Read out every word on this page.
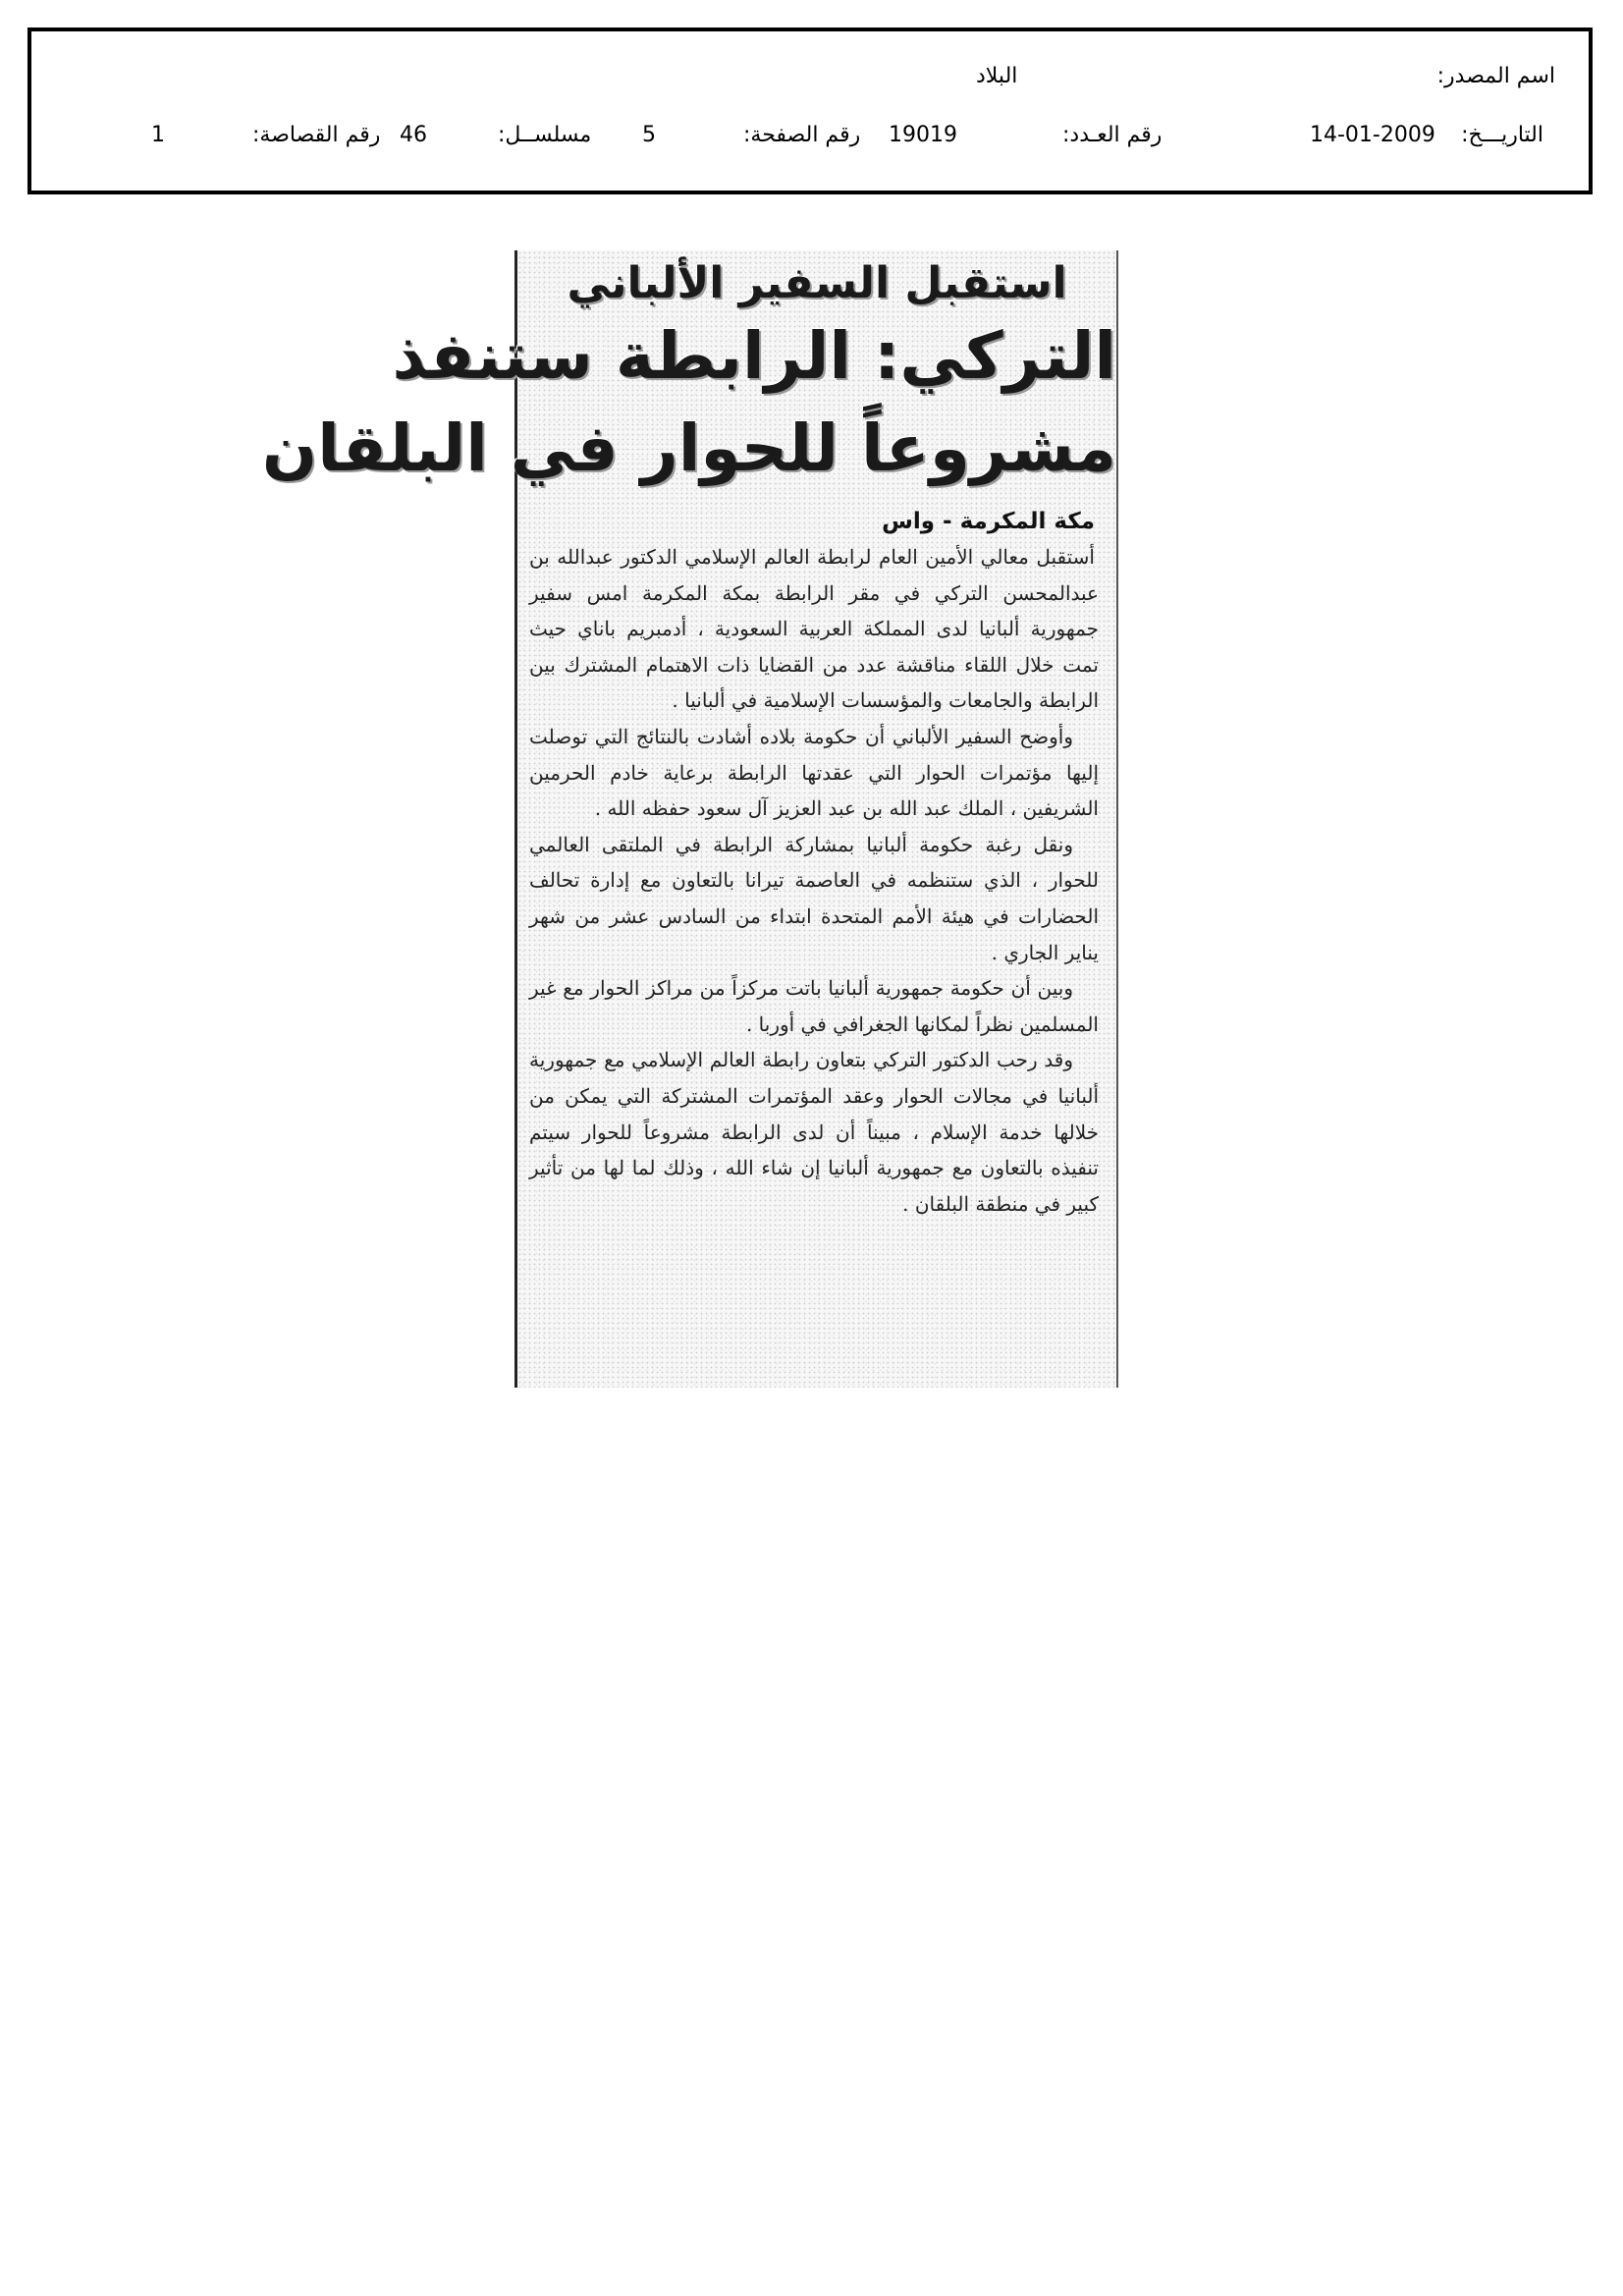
اسم المصدر:
البلاد
التاريـــخ:
14-01-2009
رقم العـدد:
19019
رقم الصفحة:
5
مسلســل:
46
رقم القصاصة:
1
استقبل السفير الألباني
التركي: الرابطة ستنفذ
مشروعاً للحوار في البلقان
مكة المكرمة - واس

أستقبل معالي الأمين العام لرابطة العالم الإسلامي الدكتور عبدالله بن عبدالمحسن التركي في مقر الرابطة بمكة المكرمة امس سفير جمهورية ألبانيا لدى المملكة العربية السعودية ، أدمبريم باناي حيث تمت خلال اللقاء مناقشة عدد من القضايا ذات الاهتمام المشترك بين الرابطة والجامعات والمؤسسات الإسلامية في ألبانيا .

وأوضح السفير الألباني أن حكومة بلاده أشادت بالنتائج التي توصلت إليها مؤتمرات الحوار التي عقدتها الرابطة برعاية خادم الحرمين الشريفين ، الملك عبد الله بن عبد العزيز آل سعود حفظه الله .

ونقل رغبة حكومة ألبانيا بمشاركة الرابطة في الملتقى العالمي للحوار ، الذي ستنظمه في العاصمة تيرانا بالتعاون مع إدارة تحالف الحضارات في هيئة الأمم المتحدة ابتداء من السادس عشر من شهر يناير الجاري .

وبين أن حكومة جمهورية ألبانيا باتت مركزاً من مراكز الحوار مع غير المسلمين نظراً لمكانها الجغرافي في أوربا .

وقد رحب الدكتور التركي بتعاون رابطة العالم الإسلامي مع جمهورية ألبانيا في مجالات الحوار وعقد المؤتمرات المشتركة التي يمكن من خلالها خدمة الإسلام ، مبيناً أن لدى الرابطة مشروعاً للحوار سيتم تنفيذه بالتعاون مع جمهورية ألبانيا إن شاء الله ، وذلك لما لها من تأثير كبير في منطقة البلقان .
